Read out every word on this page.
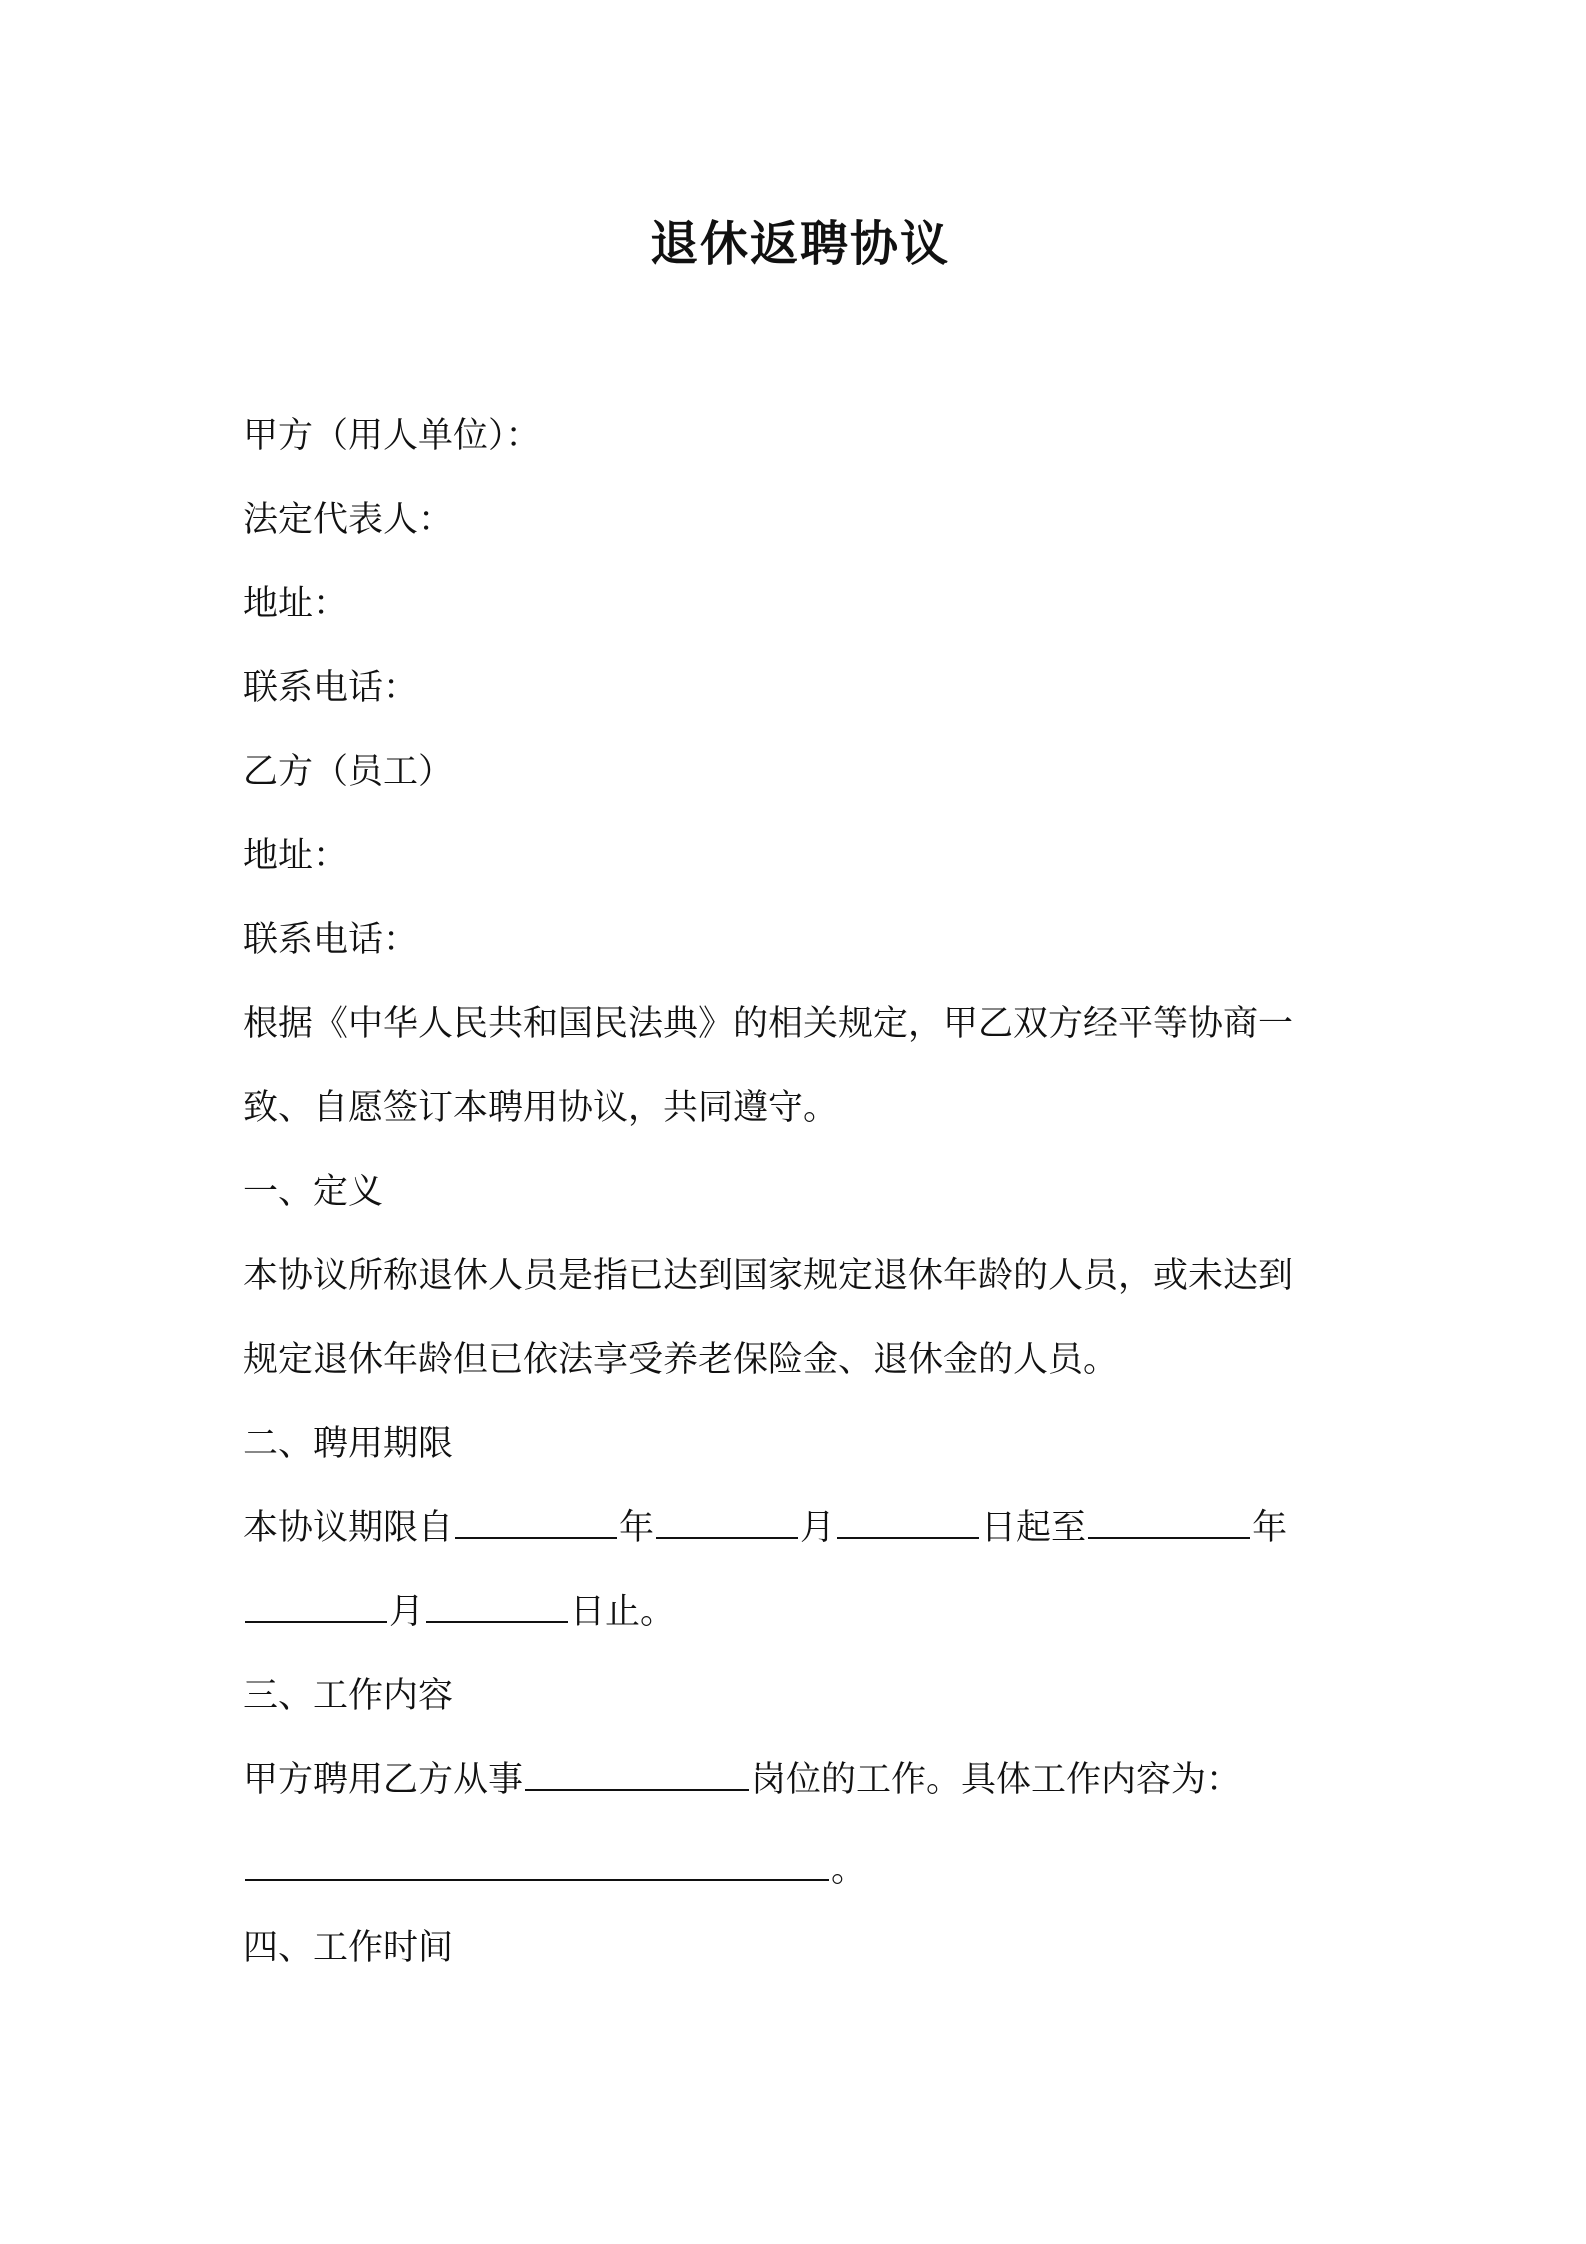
退休返聘协议
甲方（用人单位）：
法定代表人：
地址：
联系电话：
乙方（员工）
地址：
联系电话：
根据《中华人民共和国民法典》的相关规定，甲乙双方经平等协商一
致、自愿签订本聘用协议，共同遵守。
一、定义
本协议所称退休人员是指已达到国家规定退休年龄的人员，或未达到
规定退休年龄但已依法享受养老保险金、退休金的人员。
二、聘用期限
本协议期限自	年	月	日起至	年
月	日止。
三、工作内容
甲方聘用乙方从事	岗位的工作。具体工作内容为：
。
四、工作时间
